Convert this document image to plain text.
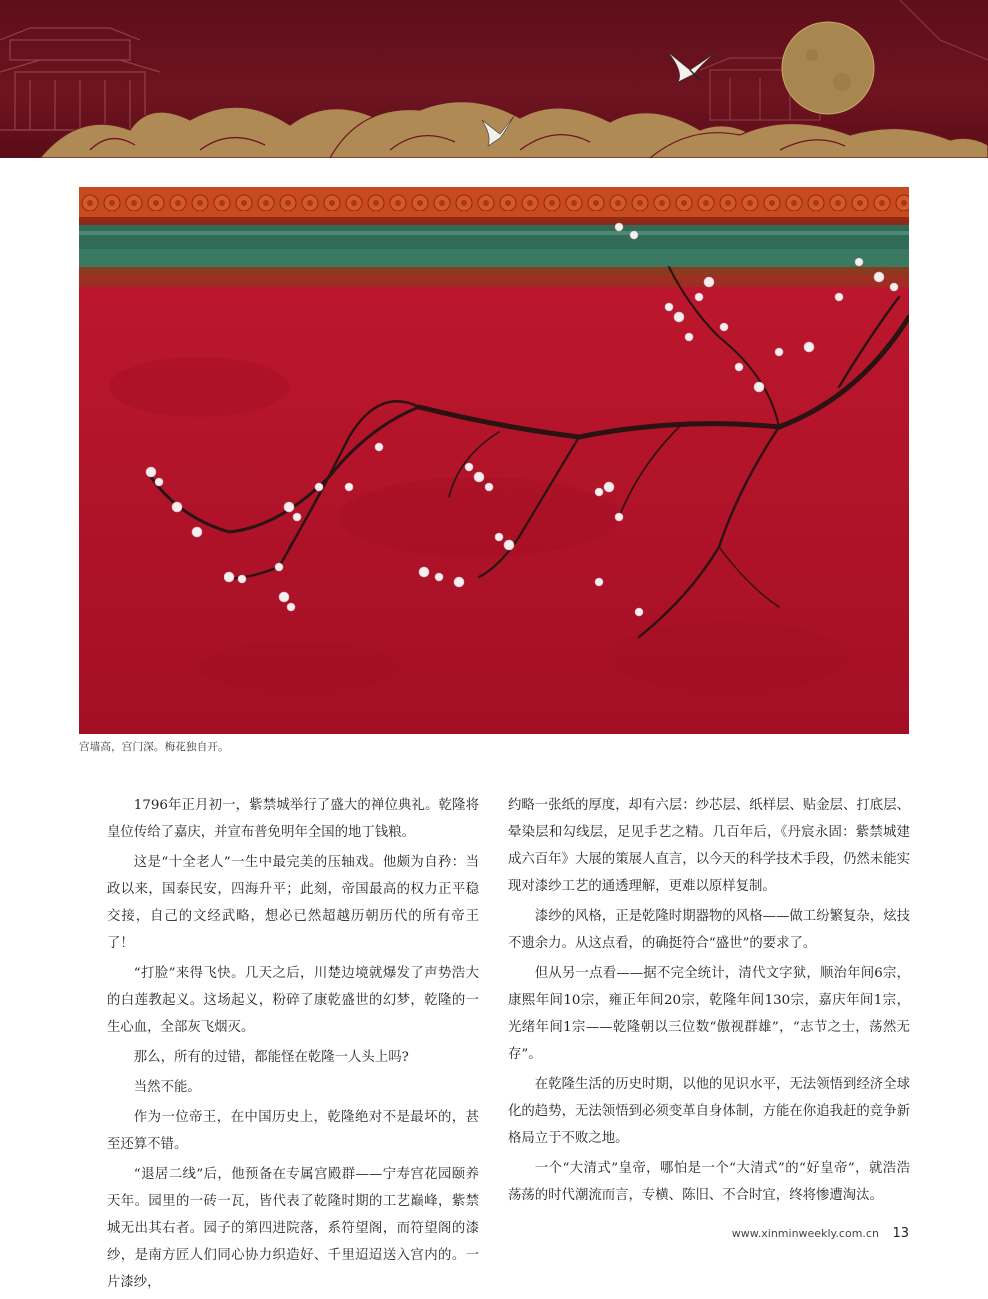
宫墙高，宫门深。梅花独自开。

1796年正月初一，紫禁城举行了盛大的禅位典礼。乾隆将皇位传给了嘉庆，并宣布普免明年全国的地丁钱粮。

这是“十全老人”一生中最完美的压轴戏。他颇为自矜：当政以来，国泰民安，四海升平；此刻，帝国最高的权力正平稳交接，自己的文经武略，想必已然超越历朝历代的所有帝王了！

“打脸”来得飞快。几天之后，川楚边境就爆发了声势浩大的白莲教起义。这场起义，粉碎了康乾盛世的幻梦，乾隆的一生心血，全部灰飞烟灭。

那么，所有的过错，都能怪在乾隆一人头上吗?

当然不能。

作为一位帝王，在中国历史上，乾隆绝对不是最坏的，甚至还算不错。

“退居二线”后，他预备在专属宫殿群——宁寿宫花园颐养天年。园里的一砖一瓦，皆代表了乾隆时期的工艺巅峰，紫禁城无出其右者。园子的第四进院落，系符望阁，而符望阁的漆纱，是南方匠人们同心协力织造好、千里迢迢送入宫内的。一片漆纱，

约略一张纸的厚度，却有六层：纱芯层、纸样层、贴金层、打底层、晕染层和勾线层，足见手艺之精。几百年后，《丹宸永固：紫禁城建成六百年》大展的策展人直言，以今天的科学技术手段，仍然未能实现对漆纱工艺的通透理解，更难以原样复制。

漆纱的风格，正是乾隆时期器物的风格——做工纷繁复杂，炫技不遗余力。从这点看，的确挺符合“盛世”的要求了。

但从另一点看——据不完全统计，清代文字狱，顺治年间6宗，康熙年间10宗，雍正年间20宗，乾隆年间130宗，嘉庆年间1宗，光绪年间1宗——乾隆朝以三位数“傲视群雄”，“志节之士，荡然无存”。

在乾隆生活的历史时期，以他的见识水平，无法领悟到经济全球化的趋势，无法领悟到必须变革自身体制，方能在你追我赶的竞争新格局立于不败之地。

一个“大清式”皇帝，哪怕是一个“大清式”的“好皇帝”，就浩浩荡荡的时代潮流而言，专横、陈旧、不合时宜，终将惨遭淘汰。

www.xinminweekly.com.cn 13
